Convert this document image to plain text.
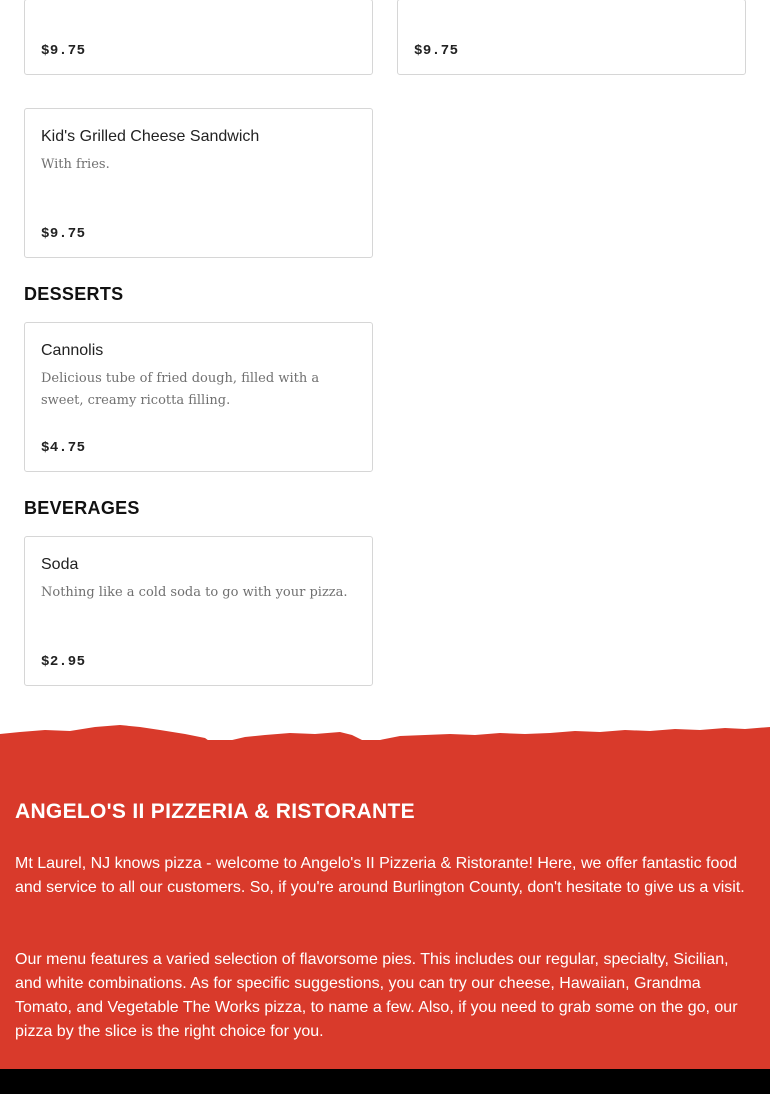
$9.75	$9.75
Kid's Grilled Cheese Sandwich
With fries.
$9.75
DESSERTS
Cannolis
Delicious tube of fried dough, filled with a sweet, creamy ricotta filling.
$4.75
BEVERAGES
Soda
Nothing like a cold soda to go with your pizza.
$2.95
ANGELO'S II PIZZERIA & RISTORANTE

Mt Laurel, NJ knows pizza - welcome to Angelo's II Pizzeria & Ristorante! Here, we offer fantastic food and service to all our customers. So, if you're around Burlington County, don't hesitate to give us a visit.

Our menu features a varied selection of flavorsome pies. This includes our regular, specialty, Sicilian, and white combinations. As for specific suggestions, you can try our cheese, Hawaiian, Grandma Tomato, and Vegetable The Works pizza, to name a few. Also, if you need to grab some on the go, our pizza by the slice is the right choice for you.
